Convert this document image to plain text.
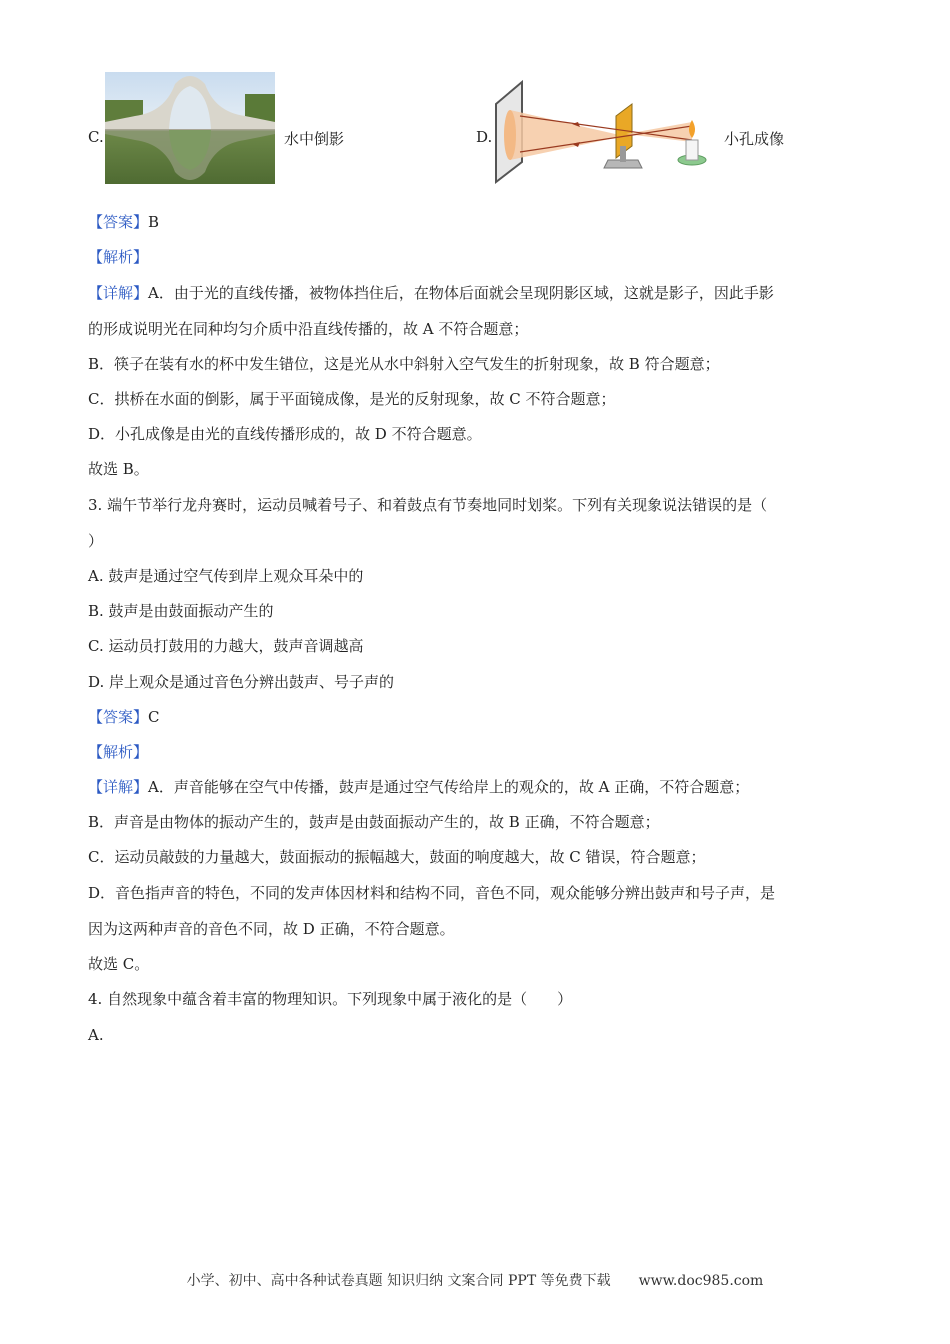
C.	水中倒影	D.	小孔成像
【答案】B
【解析】
【详解】A．由于光的直线传播，被物体挡住后，在物体后面就会呈现阴影区域，这就是影子，因此手影
的形成说明光在同种均匀介质中沿直线传播的，故 A 不符合题意；
B．筷子在装有水的杯中发生错位，这是光从水中斜射入空气发生的折射现象，故 B 符合题意；
C．拱桥在水面的倒影，属于平面镜成像，是光的反射现象，故 C 不符合题意；
D．小孔成像是由光的直线传播形成的，故 D 不符合题意。
故选 B。
3. 端午节举行龙舟赛时，运动员喊着号子、和着鼓点有节奏地同时划桨。下列有关现象说法错误的是（
）
A. 鼓声是通过空气传到岸上观众耳朵中的
B. 鼓声是由鼓面振动产生的
C. 运动员打鼓用的力越大，鼓声音调越高
D. 岸上观众是通过音色分辨出鼓声、号子声的
【答案】C
【解析】
【详解】A．声音能够在空气中传播，鼓声是通过空气传给岸上的观众的，故 A 正确，不符合题意；
B．声音是由物体的振动产生的，鼓声是由鼓面振动产生的，故 B 正确，不符合题意；
C．运动员敲鼓的力量越大，鼓面振动的振幅越大，鼓面的响度越大，故 C 错误，符合题意；
D．音色指声音的特色，不同的发声体因材料和结构不同，音色不同，观众能够分辨出鼓声和号子声，是
因为这两种声音的音色不同，故 D 正确，不符合题意。
故选 C。
4. 自然现象中蕴含着丰富的物理知识。下列现象中属于液化的是（　　）
A.
小学、初中、高中各种试卷真题 知识归纳 文案合同 PPT 等免费下载   www.doc985.com
